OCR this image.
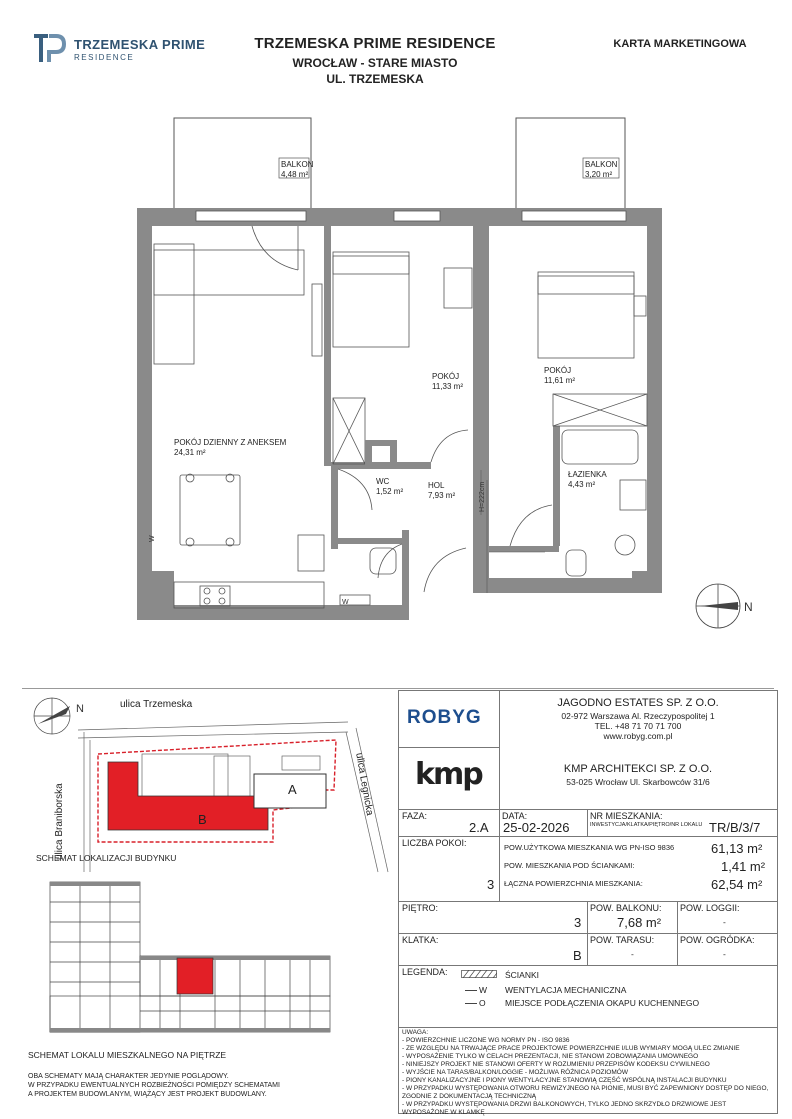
TRZEMESKA PRIME
RESIDENCE
TRZEMESKA PRIME RESIDENCE
WROCŁAW - STARE MIASTO
UL. TRZEMESKA
KARTA MARKETINGOWA
H=222cm
W
W	N
BALKON
4,48 m²
BALKON
3,20 m²
POKÓJ DZIENNY Z ANEKSEM
24,31 m²
POKÓJ
11,33 m²
POKÓJ
11,61 m²
ŁAZIENKA
4,43 m²
WC
1,52 m²
HOL
7,93 m²
N	ulica Trzemeska
ulica Braniborska	ulica Legnicka
A
B
SCHEMAT LOKALIZACJI BUDYNKU
SCHEMAT LOKALU MIESZKALNEGO NA PIĘTRZE
OBA SCHEMATY MAJĄ CHARAKTER JEDYNIE POGLĄDOWY.
W PRZYPADKU EWENTUALNYCH ROZBIEŻNOŚCI POMIĘDZY SCHEMATAMI
A PROJEKTEM BUDOWLANYM, WIĄŻĄCY JEST PROJEKT BUDOWLANY.
ROBYG
JAGODNO ESTATES SP. Z O.O.
02-972 Warszawa Al. Rzeczypospolitej 1
TEL. +48 71 70 71 700
www.robyg.com.pl
kmp	KMP ARCHITEKCI SP. Z O.O.
53-025 Wrocław Ul. Skarbowców 31/6
FAZA:
2.A
DATA:
25-02-2026
NR MIESZKANIA:
INWESTYCJA/KLATKA/PIĘTRO/NR LOKALU TR/B/3/7
LICZBA POKOI:
3
POW.UŻYTKOWA MIESZKANIA WG PN-ISO 9836	61,13 m²
POW. MIESZKANIA POD ŚCIANKAMI:	1,41 m²
ŁĄCZNA POWIERZCHNIA MIESZKANIA:	62,54 m²
PIĘTRO:
3
POW. BALKONU:
7,68 m²
POW. LOGGII:
-
KLATKA:
B
POW. TARASU:
-
POW. OGRÓDKA:
-
LEGENDA:	ŚCIANKI
W WENTYLACJA MECHANICZNA
O MIEJSCE PODŁĄCZENIA OKAPU KUCHENNEGO
UWAGA:
- POWIERZCHNIE LICZONE WG NORMY PN - ISO 9836
- ZE WZGLĘDU NA TRWAJĄCE PRACE PROJEKTOWE POWIERZCHNIE I/LUB WYMIARY MOGĄ ULEC ZMIANIE
- WYPOSAŻENIE TYLKO W CELACH PREZENTACJI, NIE STANOWI ZOBOWIĄZANIA UMOWNEGO
- NINIEJSZY PROJEKT NIE STANOWI OFERTY W ROZUMIENIU PRZEPISÓW KODEKSU CYWILNEGO
- WYJŚCIE NA TARAS/BALKON/LOGGIE - MOŻLIWA RÓŻNICA POZIOMÓW
- PIONY KANALIZACYJNE I PIONY WENTYLACYJNE STANOWIĄ CZĘŚĆ WSPÓLNĄ INSTALACJI BUDYNKU
- W PRZYPADKU WYSTĘPOWANIA OTWORU REWIZYJNEGO NA PIONIE, MUSI BYĆ ZAPEWNIONY DOSTĘP DO NIEGO,
ZGODNIE Z DOKUMENTACJĄ TECHNICZNĄ
- W PRZYPADKU WYSTĘPOWANIA DRZWI BALKONOWYCH, TYLKO JEDNO SKRZYDŁO DRZWIOWE JEST
WYPOSAŻONE W KLAMKĘ
